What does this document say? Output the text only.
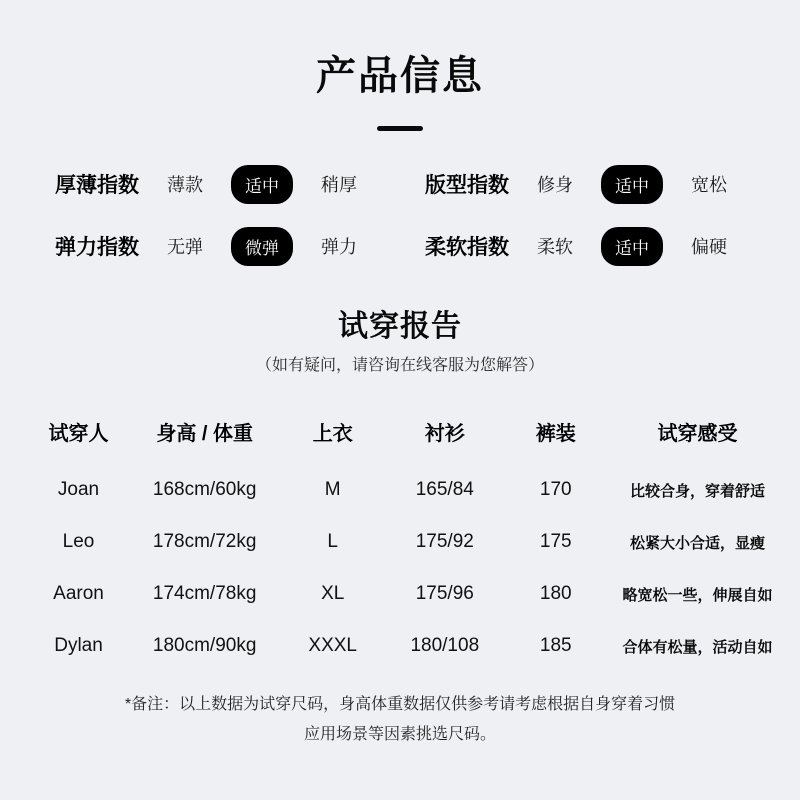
产品信息
厚薄指数 薄款	适中	稍厚	版型指数 修身	适中	宽松
弹力指数 无弹	微弹	弹力	柔软指数 柔软	适中	偏硬
试穿报告
（如有疑问，请咨询在线客服为您解答）
试穿人	身高 / 体重	上衣	衬衫	裤装	试穿感受
Joan	168cm/60kg	M	165/84	170	比较合身，穿着舒适
Leo	178cm/72kg	L	175/92	175	松紧大小合适，显瘦
Aaron	174cm/78kg	XL	175/96	180	略宽松一些，伸展自如
Dylan	180cm/90kg	XXXL	180/108	185	合体有松量，活动自如
*备注：以上数据为试穿尺码，身高体重数据仅供参考请考虑根据自身穿着习惯
应用场景等因素挑选尺码。
